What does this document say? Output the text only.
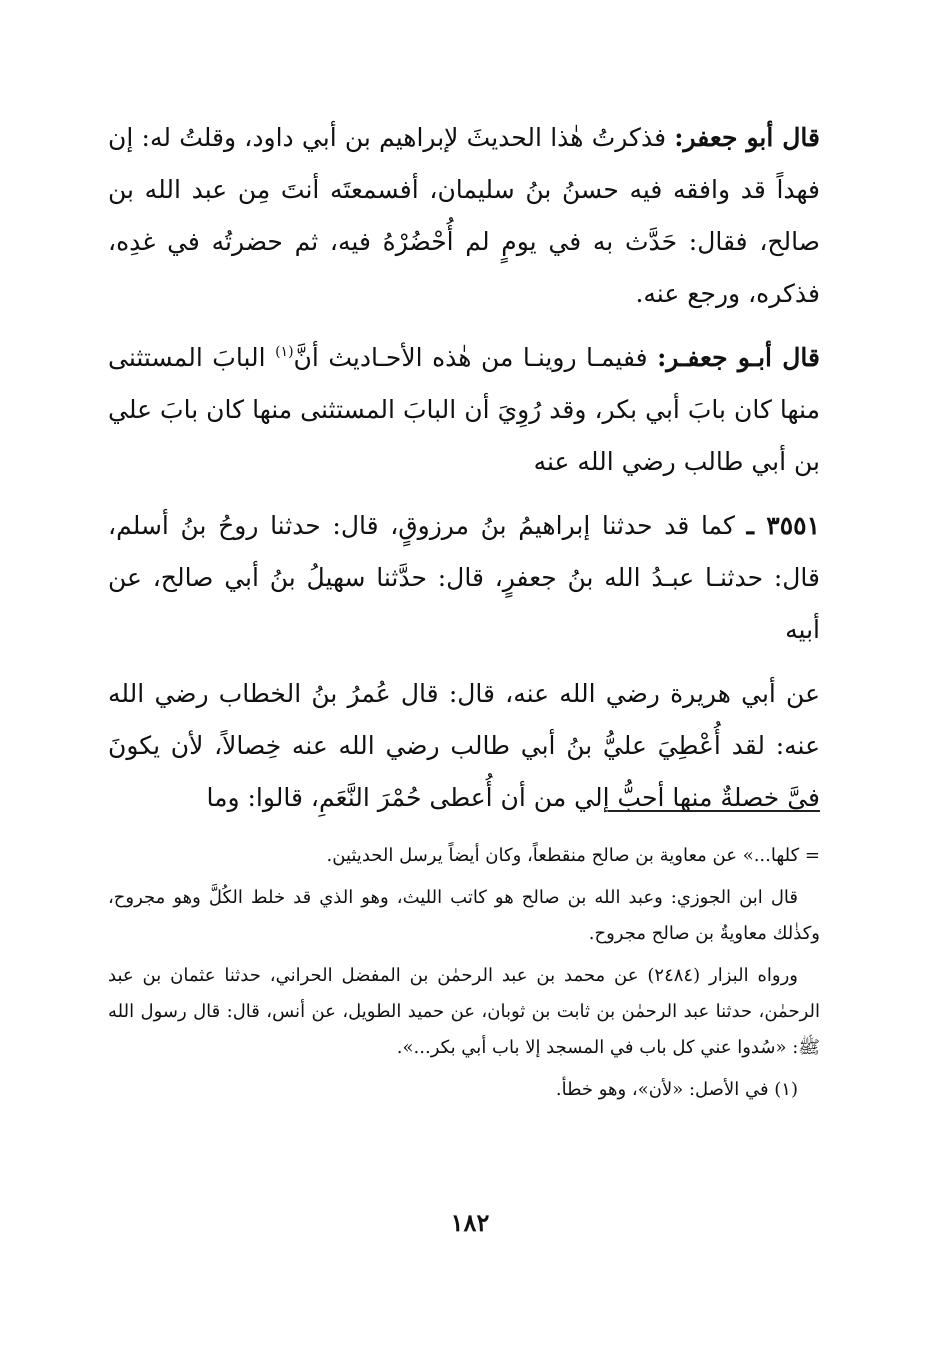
قال أبو جعفر: فذكرتُ هٰذا الحديثَ لإبراهيم بن أبي داود، وقلتُ له: إن فهداً قد وافقه فيه حسنُ بنُ سليمان، أفسمعتَه أنتَ مِن عبد الله بن صالح، فقال: حَدَّث به في يومٍ لم أُحْضُرْهُ فيه، ثم حضرتُه في غدِه، فذكره، ورجع عنه.

قال أبـو جعفـر: ففيمـا روينـا من هٰذه الأحـاديث أنَّ$^{(١)}$ البابَ المستثنى منها كان بابَ أبي بكر، وقد رُوِيَ أن البابَ المستثنى منها كان بابَ علي بن أبي طالب رضي الله عنه

٣٥٥١ ـ كما قد حدثنا إبراهيمُ بنُ مرزوقٍ، قال: حدثنا روحُ بنُ أسلم، قال: حدثنـا عبـدُ الله بنُ جعفرٍ، قال: حدَّثنا سهيلُ بنُ أبي صالح، عن أبيه

عن أبي هريرة رضي الله عنه، قال: قال عُمرُ بنُ الخطاب رضي الله عنه: لقد أُعْطِيَ عليُّ بنُ أبي طالب رضي الله عنه خِصالاً، لأن يكونَ فيَّ خصلةٌ منها أحبُّ إلي من أن أُعطى حُمْرَ النَّعَمِ، قالوا: وما

= كلها...» عن معاوية بن صالح منقطعاً، وكان أيضاً يرسل الحديثين.

قال ابن الجوزي: وعبد الله بن صالح هو كاتب الليث، وهو الذي قد خلط الكُلَّ وهو مجروح، وكذٰلك معاويةُ بن صالح مجروح.

ورواه البزار (٢٤٨٤) عن محمد بن عبد الرحمٰن بن المفضل الحراني، حدثنا عثمان بن عبد الرحمٰن، حدثنا عبد الرحمٰن بن ثابت بن ثوبان، عن حميد الطويل، عن أنس، قال: قال رسول الله ﷺ: «سُدوا عني كل باب في المسجد إلا باب أبي بكر...».

(١) في الأصل: «لأن»، وهو خطأ.

١٨٢
